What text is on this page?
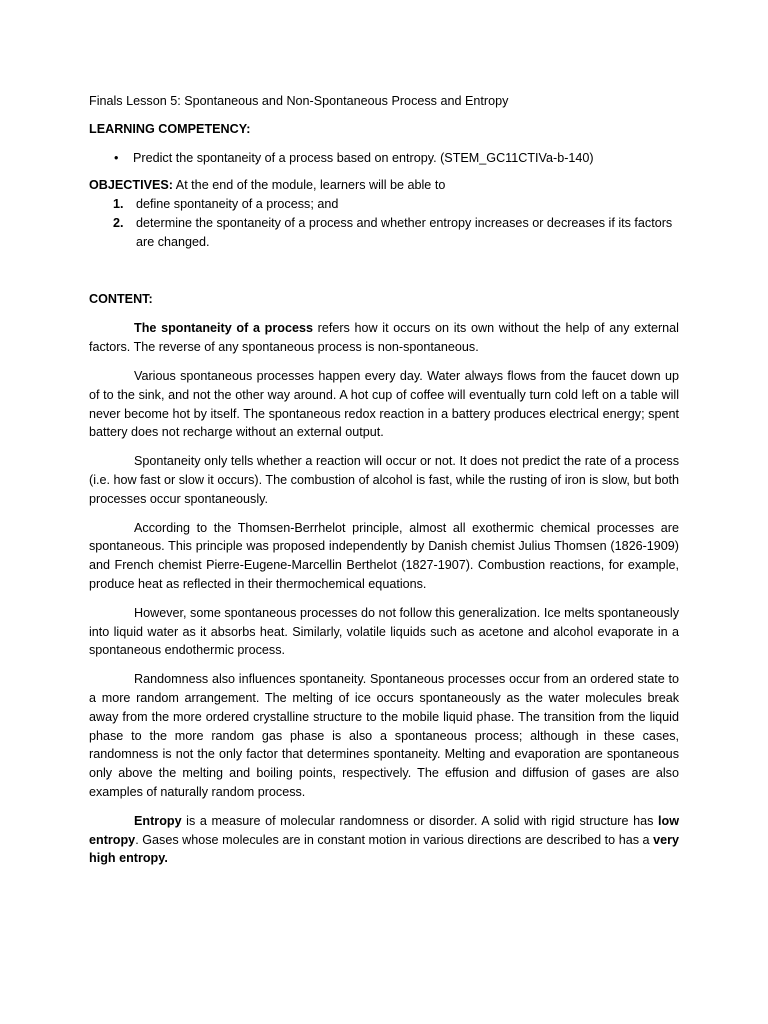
Finals Lesson 5: Spontaneous and Non-Spontaneous Process and Entropy
LEARNING COMPETENCY:
• Predict the spontaneity of a process based on entropy. (STEM_GC11CTIVa-b-140)
OBJECTIVES: At the end of the module, learners will be able to
1. define spontaneity of a process; and
2. determine the spontaneity of a process and whether entropy increases or decreases if its factors are changed.
CONTENT:

The spontaneity of a process refers how it occurs on its own without the help of any external factors. The reverse of any spontaneous process is non-spontaneous.

Various spontaneous processes happen every day. Water always flows from the faucet down up of to the sink, and not the other way around. A hot cup of coffee will eventually turn cold left on a table will never become hot by itself. The spontaneous redox reaction in a battery produces electrical energy; spent battery does not recharge without an external output.

Spontaneity only tells whether a reaction will occur or not. It does not predict the rate of a process (i.e. how fast or slow it occurs). The combustion of alcohol is fast, while the rusting of iron is slow, but both processes occur spontaneously.

According to the Thomsen-Berrhelot principle, almost all exothermic chemical processes are spontaneous. This principle was proposed independently by Danish chemist Julius Thomsen (1826-1909) and French chemist Pierre-Eugene-Marcellin Berthelot (1827-1907). Combustion reactions, for example, produce heat as reflected in their thermochemical equations.

However, some spontaneous processes do not follow this generalization. Ice melts spontaneously into liquid water as it absorbs heat. Similarly, volatile liquids such as acetone and alcohol evaporate in a spontaneous endothermic process.

Randomness also influences spontaneity. Spontaneous processes occur from an ordered state to a more random arrangement. The melting of ice occurs spontaneously as the water molecules break away from the more ordered crystalline structure to the mobile liquid phase. The transition from the liquid phase to the more random gas phase is also a spontaneous process; although in these cases, randomness is not the only factor that determines spontaneity. Melting and evaporation are spontaneous only above the melting and boiling points, respectively. The effusion and diffusion of gases are also examples of naturally random process.

Entropy is a measure of molecular randomness or disorder. A solid with rigid structure has low entropy. Gases whose molecules are in constant motion in various directions are described to has a very high entropy.
